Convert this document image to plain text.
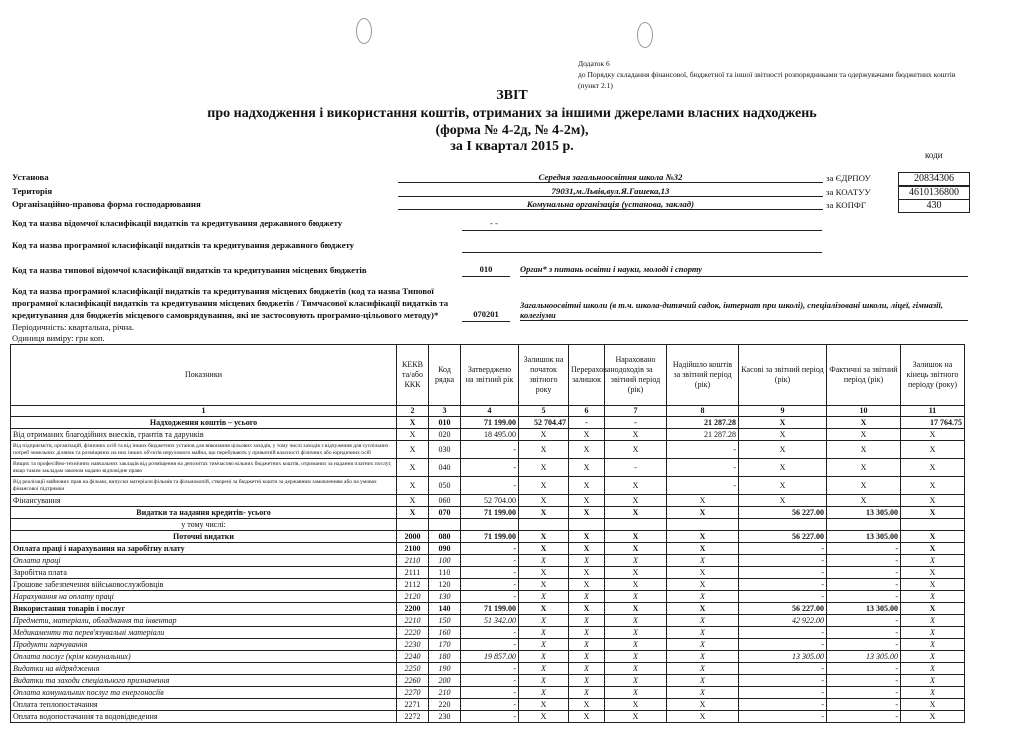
Додаток 6
до Порядку складання фінансової, бюджетної та іншої звітності розпорядниками та одержувачами бюджетних коштів
(пункт 2.1)
ЗВІТ
про надходження і використання коштів, отриманих за іншими джерелами власних надходжень
(форма № 4-2д, № 4-2м),
за I квартал 2015 р.
коди
Установа	Середня загальноосвітня школа №32	за ЄДРПОУ	20834306
Територія	79031,м.Львів,вул.Я.Гашека,13	за КОАТУУ	4610136800
Організаційно-правова форма господарювання	Комунальна організація (установа, заклад)	за КОПФГ	430
Код та назва відомчої класифікації видатків та кредитування державного бюджету	- -
Код та назва програмної класифікації видатків та кредитування державного бюджету
Код та назва типової відомчої класифікації видатків та кредитування місцевих бюджетів	010	Орган* з питань освіти і науки, молоді і спорту
Код та назва програмної класифікації видатків та кредитування місцевих бюджетів (код та назва Типової
програмної класифікації видатків та кредитування місцевих бюджетів / Тимчасової класифікації видатків та
кредитування для бюджетів місцевого самоврядування, які не застосовують програмно-цільового методу)*	070201
Загальноосвітні школи (в т.ч. школа-дитячий садок, інтернат при школі), спеціалізовані школи, ліцеї, гімназії, колегіуми
Періодичність: квартальна, річна.
Одиниця виміру: грн коп.
Показники	КЕКВ та/або ККК	Код рядка	Затверджено на звітний рік	Залишок на початок звітного року	Перераховано залишок	Нараховано доходів за звітний період (рік)	Надійшло коштів за звітний період (рік)	Касові за звітний період (рік)	Фактичні за звітний період (рік)	Залишок на кінець звітного періоду (року)
1	2	3	4	5	6	7	8	9	10	11
Надходження коштів – усього	X	010	71 199.00	52 704.47	-	-	21 287.28	X	X	17 764.75
Від отриманих благодійних внесків, грантів та дарунків	X	020	18 495.00	X	X	X	21 287.28	X	X	X
Від підприємств, організацій, фізичних осіб та від інших бюджетних установ для виконання цільових заходів, у тому числі заходів з відчуження для суспільних потреб земельних ділянок та розміщених на них інших об'єктів нерухомого майна, що перебувають у приватній власності фізичних або юридичних осіб	X	030	-	X	X	X	-	X	X	X
Вищих та професійно-технічних навчальних закладів від розміщення на депозитах тимчасово вільних бюджетних коштів, отриманих за надання платних послуг, якщо таким закладам законом надано відповідне право	X	040	-	X	X	-	-	X	X	X
Від реалізації майнових прав на фільми, випуски матеріали фільмів та фільмокопій, створені за бюджетні кошти за державним замовленням або на умовах фінансової підтримки	X	050	-	X	X	X	-	X	X	X
Фінансування	X	060	52 704.00	X	X	X	X	X	X	X
Видатки та надання кредитів- усього	X	070	71 199.00	X	X	X	X	56 227.00	13 305.00	X
у тому числі:										
Поточні видатки	2000	080	71 199.00	X	X	X	X	56 227.00	13 305.00	X
Оплата праці і нарахування на заробітну плату	2100	090	-	X	X	X	X	-	-	X
Оплата праці	2110	100	-	X	X	X	X	-	-	X
Заробітна плата	2111	110	-	X	X	X	X	-	-	X
Грошове забезпечення військовослужбовців	2112	120	-	X	X	X	X	-	-	X
Нарахування на оплату праці	2120	130	-	X	X	X	X	-	-	X
Використання товарів і послуг	2200	140	71 199.00	X	X	X	X	56 227.00	13 305.00	X
Предмети, матеріали, обладнання та інвентар	2210	150	51 342.00	X	X	X	X	42 922.00	-	X
Медикаменти та перев'язувальні матеріали	2220	160	-	X	X	X	X	-	-	X
Продукти харчування	2230	170	-	X	X	X	X	-	-	X
Оплата послуг (крім комунальних)	2240	180	19 857.00	X	X	X	X	13 305.00	13 305.00	X
Видатки на відрядження	2250	190	-	X	X	X	X	-	-	X
Видатки та заходи спеціального призначення	2260	200	-	X	X	X	X	-	-	X
Оплата комунальних послуг та енергоносіїв	2270	210	-	X	X	X	X	-	-	X
Оплата теплопостачання	2271	220	-	X	X	X	X	-	-	X
Оплата водопостачання та водовідведення	2272	230	-	X	X	X	X	-	-	X
